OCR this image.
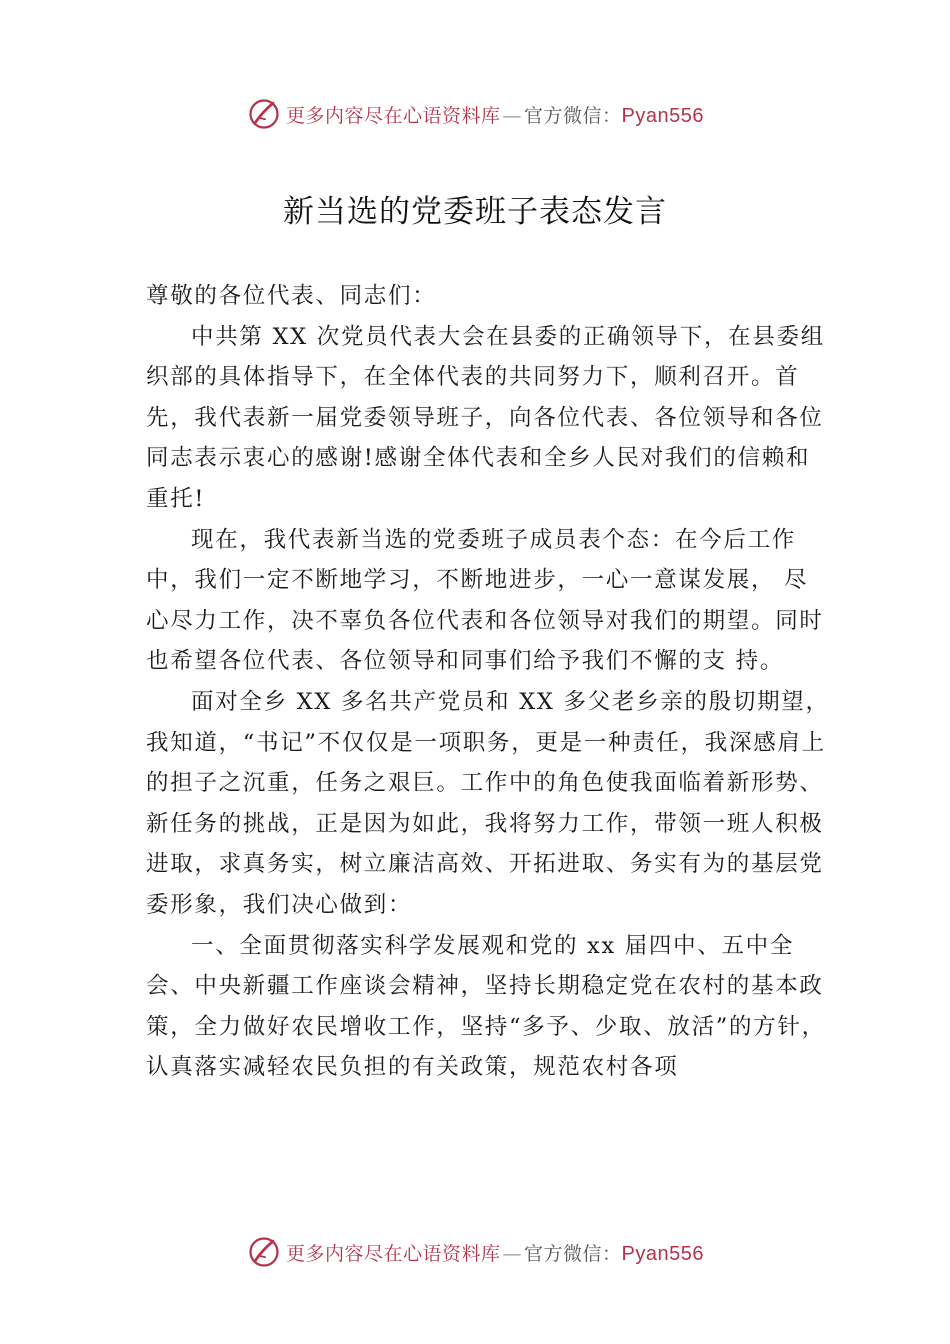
更多内容尽在心语资料库 — 官方微信：Pyan556
新当选的党委班子表态发言

尊敬的各位代表、同志们：

中共第 XX 次党员代表大会在县委的正确领导下，在县委组织部的具体指导下，在全体代表的共同努力下，顺利召开。首先，我代表新一届党委领导班子，向各位代表、各位领导和各位同志表示衷心的感谢!感谢全体代表和全乡人民对我们的信赖和重托!

现在，我代表新当选的党委班子成员表个态：在今后工作中，我们一定不断地学习，不断地进步，一心一意谋发展， 尽心尽力工作，决不辜负各位代表和各位领导对我们的期望。同时也希望各位代表、各位领导和同事们给予我们不懈的支 持。

面对全乡 XX 多名共产党员和 XX 多父老乡亲的殷切期望，我知道，“书记”不仅仅是一项职务，更是一种责任，我深感肩上的担子之沉重，任务之艰巨。工作中的角色使我面临着新形势、新任务的挑战，正是因为如此，我将努力工作，带领一班人积极进取，求真务实，树立廉洁高效、开拓进取、务实有为的基层党委形象，我们决心做到：

一、全面贯彻落实科学发展观和党的 xx 届四中、五中全会、中央新疆工作座谈会精神，坚持长期稳定党在农村的基本政策，全力做好农民增收工作，坚持“多予、少取、放活”的方针，认真落实减轻农民负担的有关政策，规范农村各项

更多内容尽在心语资料库 — 官方微信：Pyan556
